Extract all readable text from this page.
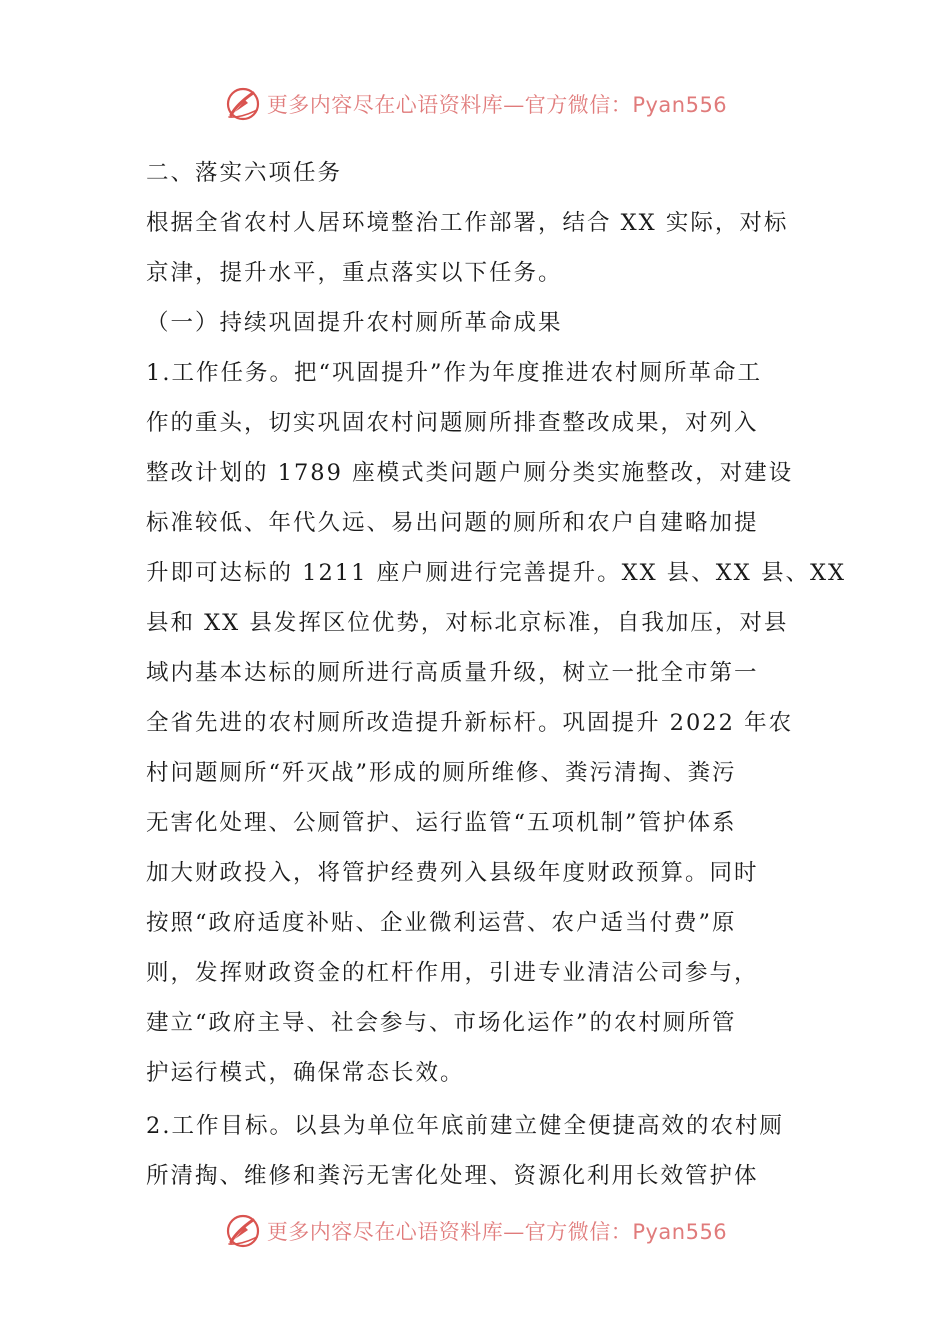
更多内容尽在心语资料库—官方微信：Pyan556

二、落实六项任务

根据全省农村人居环境整治工作部署，结合 XX 实际，对标

京津，提升水平，重点落实以下任务。

（一）持续巩固提升农村厕所革命成果

1.工作任务。把“巩固提升”作为年度推进农村厕所革命工

作的重头，切实巩固农村问题厕所排查整改成果，对列入

整改计划的 1789 座模式类问题户厕分类实施整改，对建设

标准较低、年代久远、易出问题的厕所和农户自建略加提

升即可达标的 1211 座户厕进行完善提升。XX 县、XX 县、XX

县和 XX 县发挥区位优势，对标北京标准，自我加压，对县

域内基本达标的厕所进行高质量升级，树立一批全市第一

全省先进的农村厕所改造提升新标杆。巩固提升 2022 年农

村问题厕所“歼灭战”形成的厕所维修、粪污清掏、粪污

无害化处理、公厕管护、运行监管“五项机制”管护体系

加大财政投入，将管护经费列入县级年度财政预算。同时

按照“政府适度补贴、企业微利运营、农户适当付费”原

则，发挥财政资金的杠杆作用，引进专业清洁公司参与，

建立“政府主导、社会参与、市场化运作”的农村厕所管

护运行模式，确保常态长效。

2.工作目标。以县为单位年底前建立健全便捷高效的农村厕

所清掏、维修和粪污无害化处理、资源化利用长效管护体

更多内容尽在心语资料库—官方微信：Pyan556
